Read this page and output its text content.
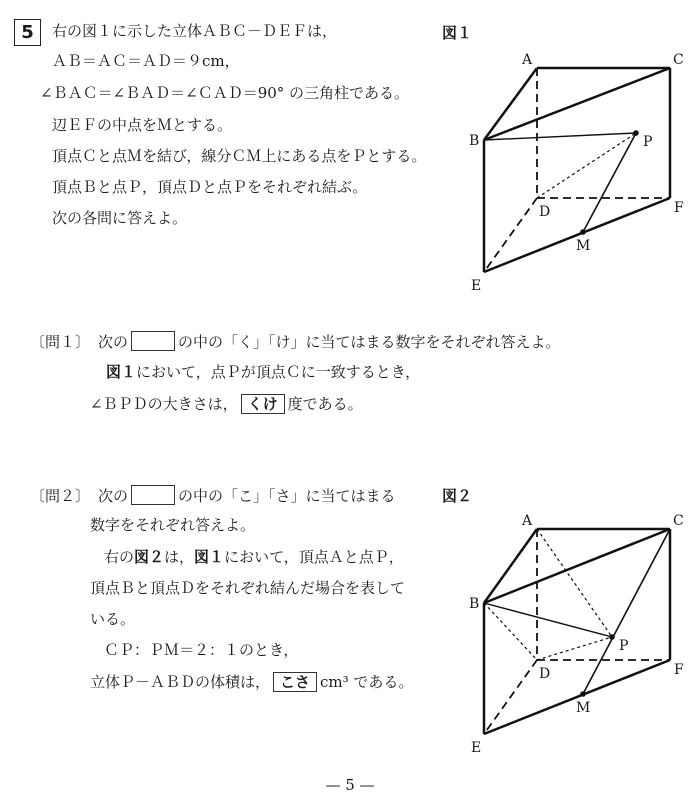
5	右の図１に示した立体ＡＢＣ－ＤＥＦは，
ＡＢ＝ＡＣ＝ＡＤ＝９cm，
∠ＢＡＣ＝∠ＢＡＤ＝∠ＣＡＤ＝90° の三角柱である。
辺ＥＦの中点をＭとする。
頂点Ｃと点Ｍを結び，線分ＣＭ上にある点をＰとする。
頂点Ｂと点Ｐ，頂点Ｄと点Ｐをそれぞれ結ぶ。
次の各問に答えよ。
図１
A	C
B	P
D	F
M
E
〔問１〕 次の	の中の「く」「け」に当てはまる数字をそれぞれ答えよ。
図１において，点Ｐが頂点Ｃに一致するとき，
∠ＢＰＤの大きさは， くけ 度である。
〔問２〕 次の	の中の「こ」「さ」に当てはまる
数字をそれぞれ答えよ。
右の図２は，図１において，頂点Ａと点Ｐ，
頂点Ｂと頂点Ｄをそれぞれ結んだ場合を表して
いる。
ＣＰ：ＰＭ＝２：１のとき，
立体Ｐ－ＡＢＤの体積は， こさ cm³ である。
図２
A	C
B
P
D	F
M
E
— 5 —
